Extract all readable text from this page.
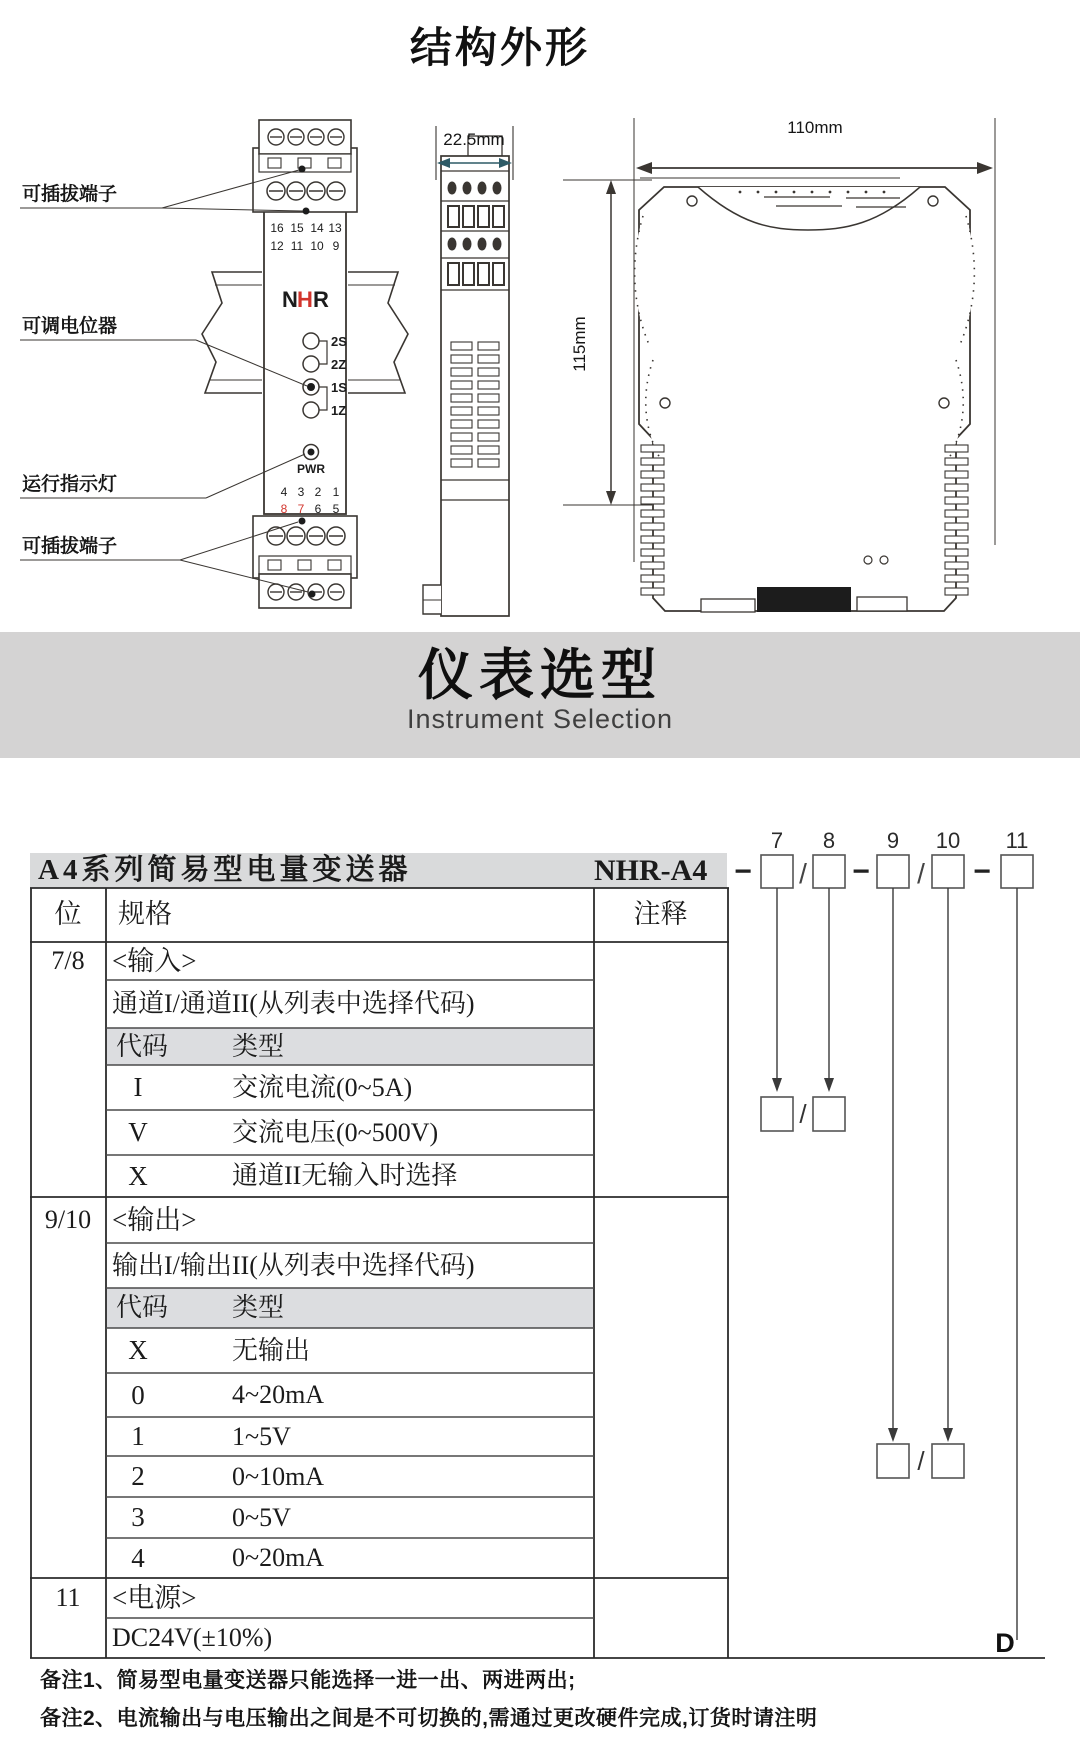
结构外形
可插拔端子
可调电位器
运行指示灯
可插拔端子
16 15 14 13
12 11 10 9
4 3 2 1
8 7 6 5
N H R
2S
2Z
1S
1Z
PWR
22.5mm
110mm
115mm
仪表选型
Instrument Selection
A4系列简易型电量变送器	NHR-A4
位	规格	注释
7/8	<输入>
通道I/通道II(从列表中选择代码)
代码 类型
I	交流电流(0~5A)
V	交流电压(0~500V)
X	通道II无输入时选择
9/10 <输出>
输出I/输出II(从列表中选择代码)
代码 类型
X	无输出
0	4~20mA
1	1~5V
2	0~10mA
3	0~5V
4	0~20mA
11	<电源>
DC24V(±10%)
7 8 9 10 11
− / − / −
/
/
D
备注1、简易型电量变送器只能选择一进一出、两进两出;
备注2、电流输出与电压输出之间是不可切换的,需通过更改硬件完成,订货时请注明
